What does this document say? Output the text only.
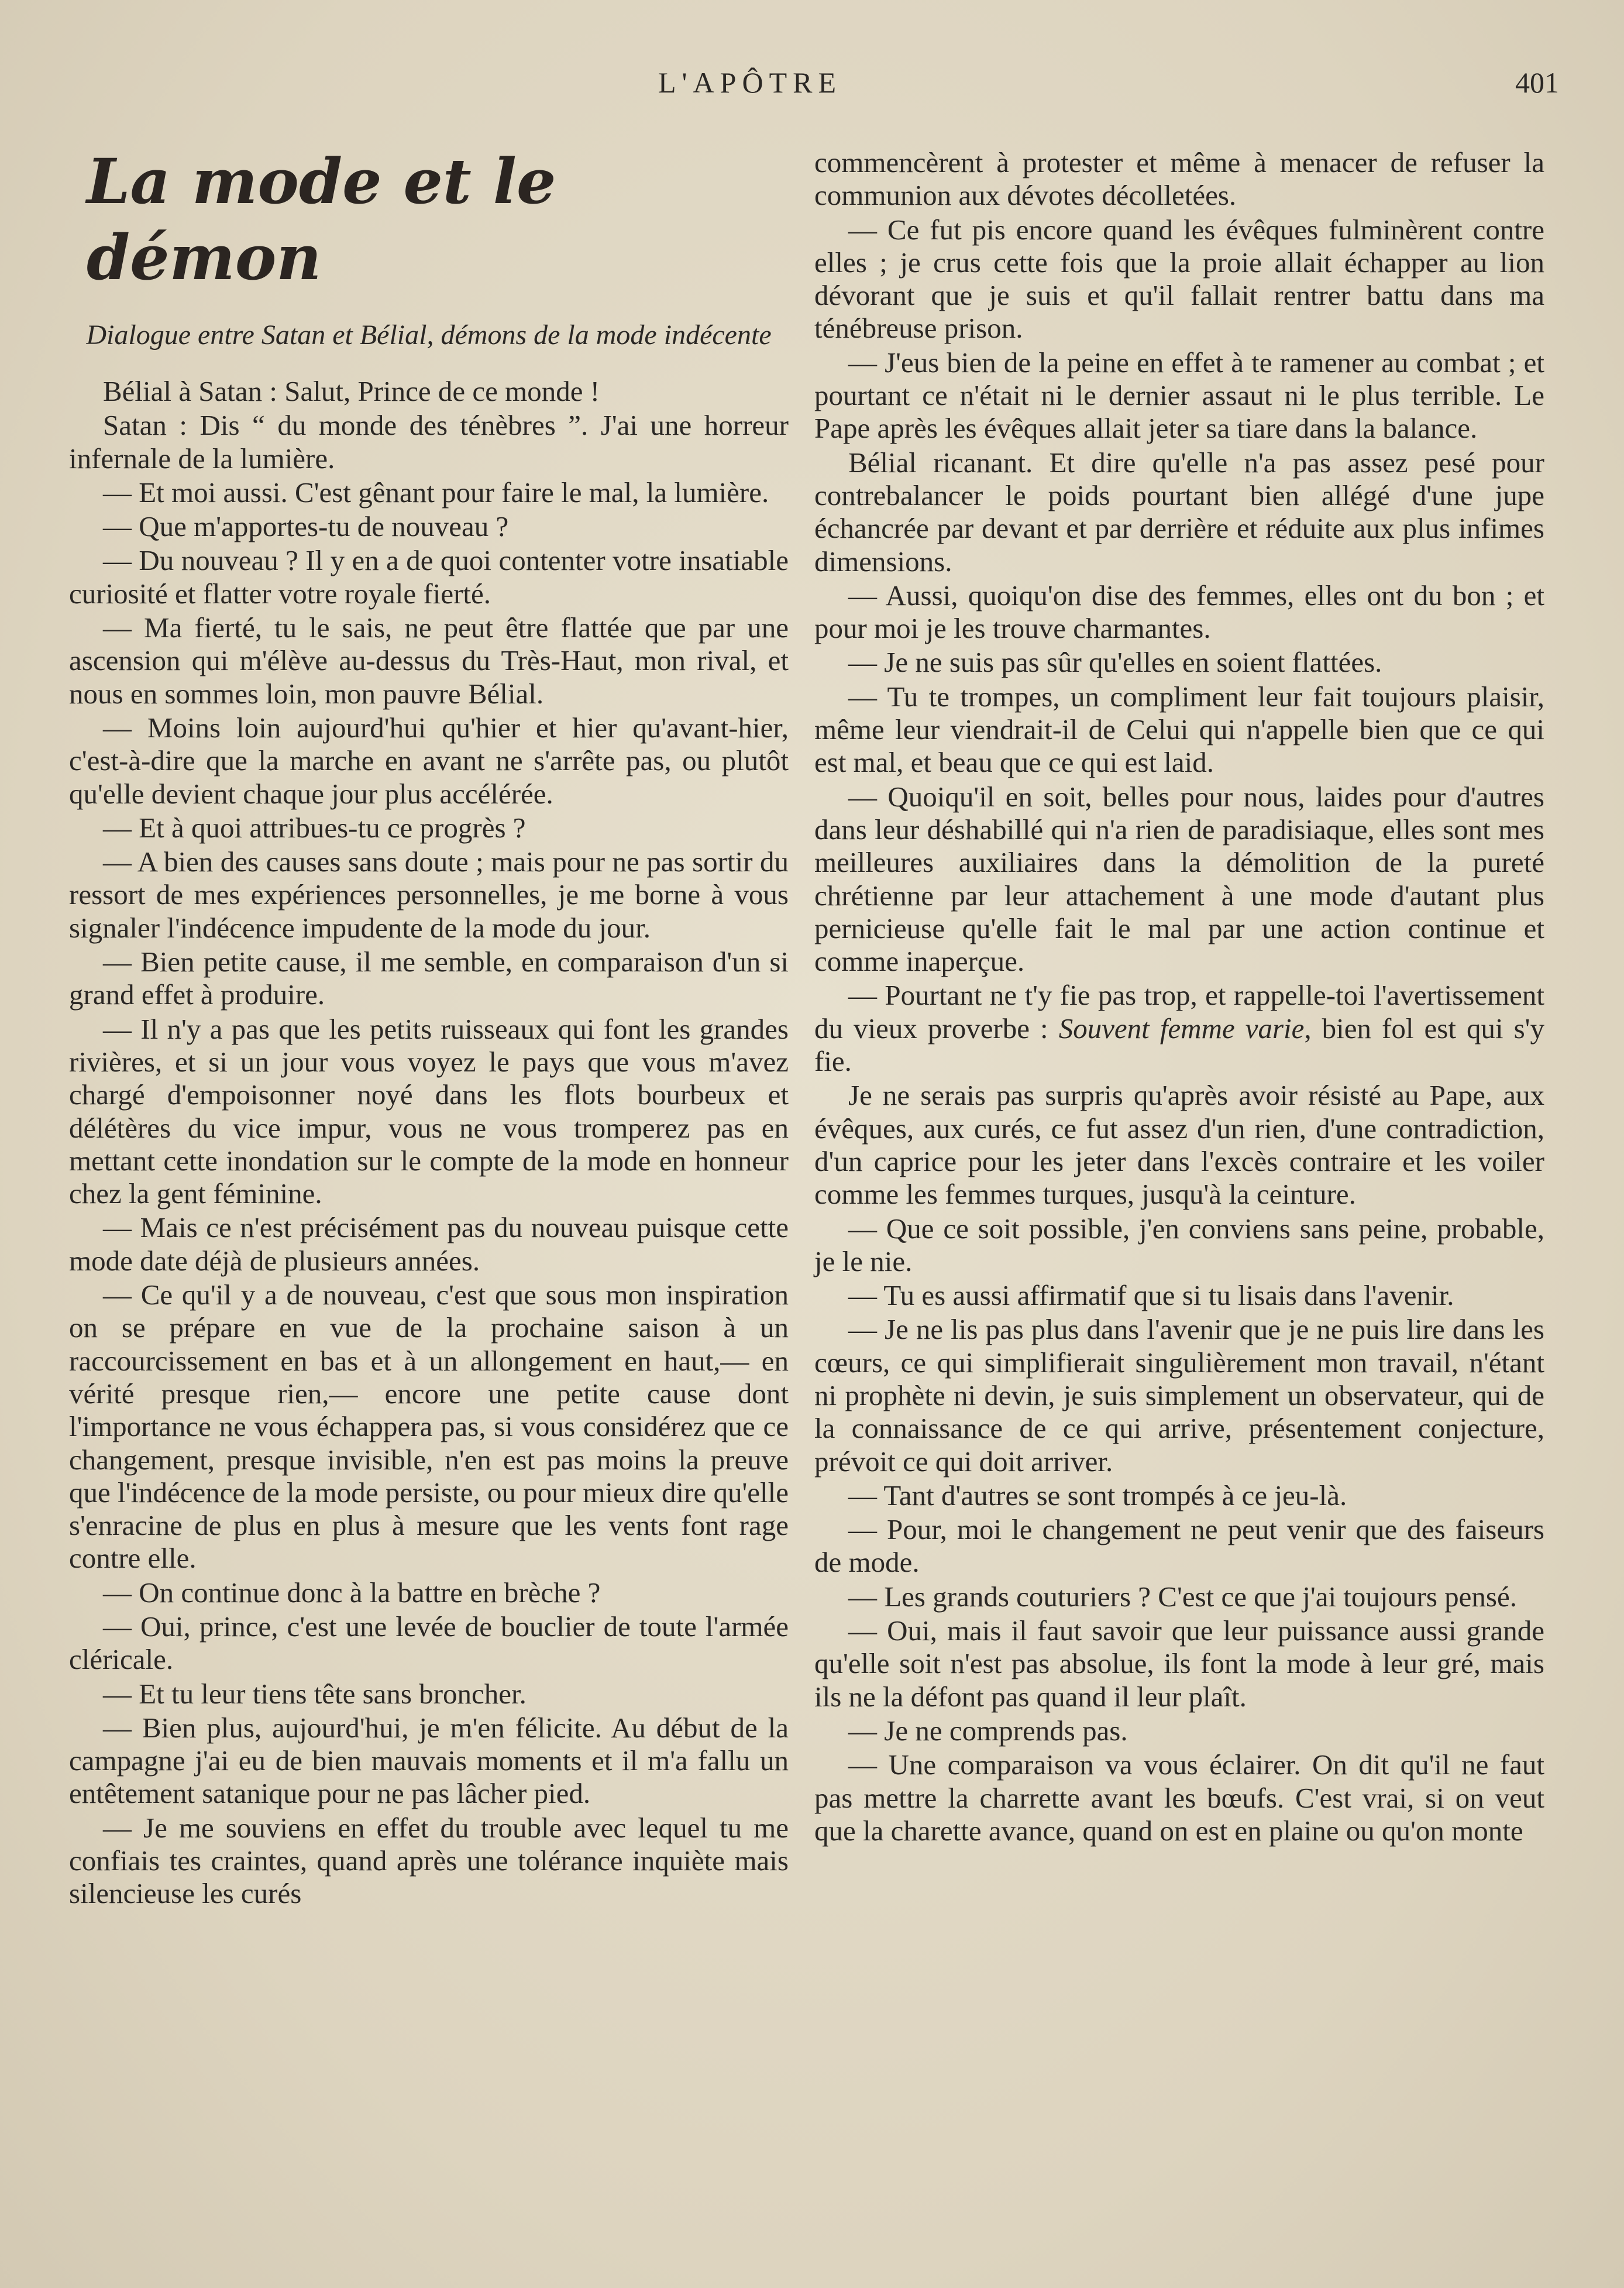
L'APÔTRE	401
La mode et le démon
Dialogue entre Satan et Bélial, démons de la mode indécente

Bélial à Satan : Salut, Prince de ce monde !

Satan : Dis “ du monde des ténèbres ”. J'ai une horreur infernale de la lumière.

— Et moi aussi. C'est gênant pour faire le mal, la lumière.

— Que m'apportes-tu de nouveau ?

— Du nouveau ? Il y en a de quoi contenter votre insatiable curiosité et flatter votre royale fierté.

— Ma fierté, tu le sais, ne peut être flattée que par une ascension qui m'élève au-dessus du Très-Haut, mon rival, et nous en sommes loin, mon pauvre Bélial.

— Moins loin aujourd'hui qu'hier et hier qu'avant-hier, c'est-à-dire que la marche en avant ne s'arrête pas, ou plutôt qu'elle devient chaque jour plus accélérée.

— Et à quoi attribues-tu ce progrès ?

— A bien des causes sans doute ; mais pour ne pas sortir du ressort de mes expériences personnelles, je me borne à vous signaler l'indécence impudente de la mode du jour.

— Bien petite cause, il me semble, en comparaison d'un si grand effet à produire.

— Il n'y a pas que les petits ruisseaux qui font les grandes rivières, et si un jour vous voyez le pays que vous m'avez chargé d'empoisonner noyé dans les flots bourbeux et délétères du vice impur, vous ne vous tromperez pas en mettant cette inondation sur le compte de la mode en honneur chez la gent féminine.

— Mais ce n'est précisément pas du nouveau puisque cette mode date déjà de plusieurs années.

— Ce qu'il y a de nouveau, c'est que sous mon inspiration on se prépare en vue de la prochaine saison à un raccourcissement en bas et à un allongement en haut,— en vérité presque rien,— encore une petite cause dont l'importance ne vous échappera pas, si vous considérez que ce changement, presque invisible, n'en est pas moins la preuve que l'indécence de la mode persiste, ou pour mieux dire qu'elle s'enracine de plus en plus à mesure que les vents font rage contre elle.

— On continue donc à la battre en brèche ?

— Oui, prince, c'est une levée de bouclier de toute l'armée cléricale.

— Et tu leur tiens tête sans broncher.

— Bien plus, aujourd'hui, je m'en félicite. Au début de la campagne j'ai eu de bien mauvais moments et il m'a fallu un entêtement satanique pour ne pas lâcher pied.

— Je me souviens en effet du trouble avec lequel tu me confiais tes craintes, quand après une tolérance inquiète mais silencieuse les curés

commencèrent à protester et même à menacer de refuser la communion aux dévotes décolletées.

— Ce fut pis encore quand les évêques fulminèrent contre elles ; je crus cette fois que la proie allait échapper au lion dévorant que je suis et qu'il fallait rentrer battu dans ma ténébreuse prison.

— J'eus bien de la peine en effet à te ramener au combat ; et pourtant ce n'était ni le dernier assaut ni le plus terrible. Le Pape après les évêques allait jeter sa tiare dans la balance.

Bélial ricanant. Et dire qu'elle n'a pas assez pesé pour contrebalancer le poids pourtant bien allégé d'une jupe échancrée par devant et par derrière et réduite aux plus infimes dimensions.

— Aussi, quoiqu'on dise des femmes, elles ont du bon ; et pour moi je les trouve charmantes.

— Je ne suis pas sûr qu'elles en soient flattées.

— Tu te trompes, un compliment leur fait toujours plaisir, même leur viendrait-il de Celui qui n'appelle bien que ce qui est mal, et beau que ce qui est laid.

— Quoiqu'il en soit, belles pour nous, laides pour d'autres dans leur déshabillé qui n'a rien de paradisiaque, elles sont mes meilleures auxiliaires dans la démolition de la pureté chrétienne par leur attachement à une mode d'autant plus pernicieuse qu'elle fait le mal par une action continue et comme inaperçue.

— Pourtant ne t'y fie pas trop, et rappelle-toi l'avertissement du vieux proverbe : Souvent femme varie, bien fol est qui s'y fie.

Je ne serais pas surpris qu'après avoir résisté au Pape, aux évêques, aux curés, ce fut assez d'un rien, d'une contradiction, d'un caprice pour les jeter dans l'excès contraire et les voiler comme les femmes turques, jusqu'à la ceinture.

— Que ce soit possible, j'en conviens sans peine, probable, je le nie.

— Tu es aussi affirmatif que si tu lisais dans l'avenir.

— Je ne lis pas plus dans l'avenir que je ne puis lire dans les cœurs, ce qui simplifierait singulièrement mon travail, n'étant ni prophète ni devin, je suis simplement un observateur, qui de la connaissance de ce qui arrive, présentement conjecture, prévoit ce qui doit arriver.

— Tant d'autres se sont trompés à ce jeu-là.

— Pour, moi le changement ne peut venir que des faiseurs de mode.

— Les grands couturiers ? C'est ce que j'ai toujours pensé.

— Oui, mais il faut savoir que leur puissance aussi grande qu'elle soit n'est pas absolue, ils font la mode à leur gré, mais ils ne la défont pas quand il leur plaît.

— Je ne comprends pas.

— Une comparaison va vous éclairer. On dit qu'il ne faut pas mettre la charrette avant les bœufs. C'est vrai, si on veut que la charette avance, quand on est en plaine ou qu'on monte
